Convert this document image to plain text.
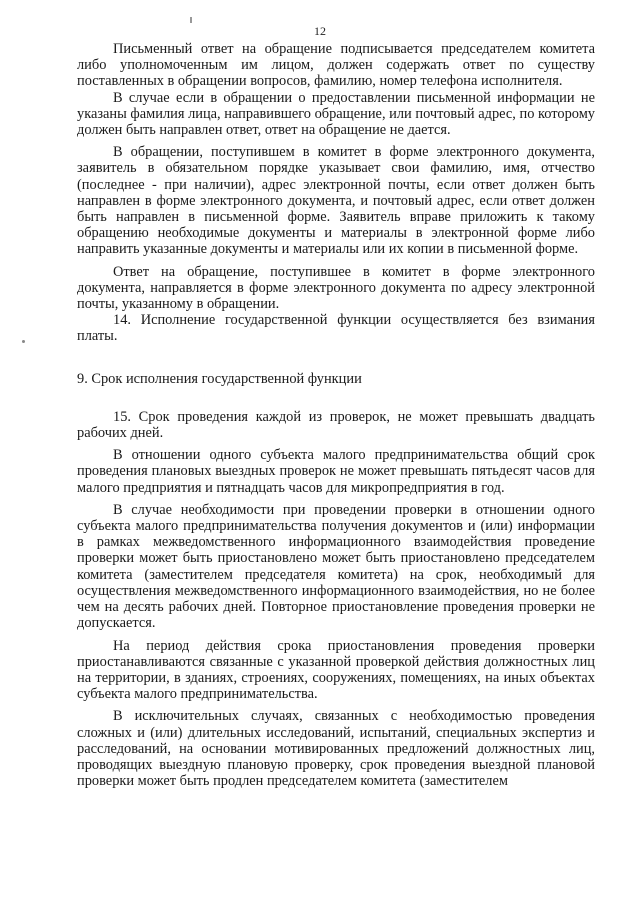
12

Письменный ответ на обращение подписывается председателем комитета либо уполномоченным им лицом, должен содержать ответ по существу поставленных в обращении вопросов, фамилию, номер телефона исполнителя.

В случае если в обращении о предоставлении письменной информации не указаны фамилия лица, направившего обращение, или почтовый адрес, по которому должен быть направлен ответ, ответ на обращение не дается.

В обращении, поступившем в комитет в форме электронного документа, заявитель в обязательном порядке указывает свои фамилию, имя, отчество (последнее - при наличии), адрес электронной почты, если ответ должен быть направлен в форме электронного документа, и почтовый адрес, если ответ должен быть направлен в письменной форме. Заявитель вправе приложить к такому обращению необходимые документы и материалы в электронной форме либо направить указанные документы и материалы или их копии в письменной форме.

Ответ на обращение, поступившее в комитет в форме электронного документа, направляется в форме электронного документа по адресу электронной почты, указанному в обращении.

14. Исполнение государственной функции осуществляется без взимания платы.

9. Срок исполнения государственной функции

15. Срок проведения каждой из проверок, не может превышать двадцать рабочих дней.

В отношении одного субъекта малого предпринимательства общий срок проведения плановых выездных проверок не может превышать пятьдесят часов для малого предприятия и пятнадцать часов для микропредприятия в год.

В случае необходимости при проведении проверки в отношении одного субъекта малого предпринимательства получения документов и (или) информации в рамках межведомственного информационного взаимодействия проведение проверки может быть приостановлено может быть приостановлено председателем комитета (заместителем председателя комитета) на срок, необходимый для осуществления межведомственного информационного взаимодействия, но не более чем на десять рабочих дней. Повторное приостановление проведения проверки не допускается.

На период действия срока приостановления проведения проверки приостанавливаются связанные с указанной проверкой действия должностных лиц на территории, в зданиях, строениях, сооружениях, помещениях, на иных объектах субъекта малого предпринимательства.

В исключительных случаях, связанных с необходимостью проведения сложных и (или) длительных исследований, испытаний, специальных экспертиз и расследований, на основании мотивированных предложений должностных лиц, проводящих выездную плановую проверку, срок проведения выездной плановой проверки может быть продлен председателем комитета (заместителем
